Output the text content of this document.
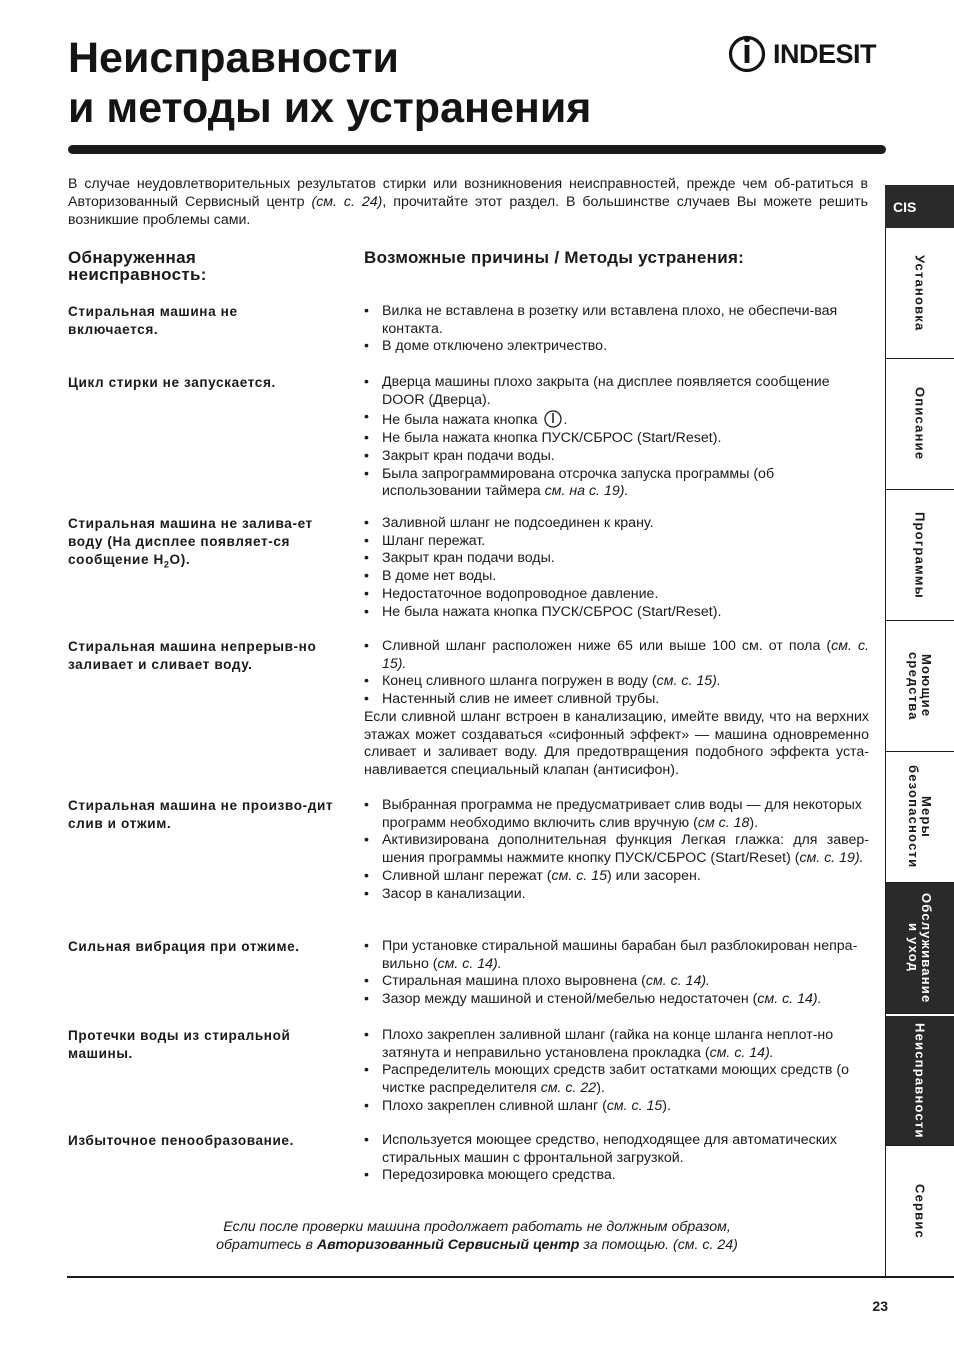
Неисправности
и методы их устранения
INDESIT

В случае неудовлетворительных результатов стирки или возникновения неисправностей, прежде чем об-ратиться в Авторизованный Сервисный центр (см. с. 24), прочитайте этот раздел. В большинстве случаев Вы можете решить возникшие проблемы сами.

Обнаруженная неисправность:
Возможные причины / Методы устранения:

Стиральная машина не включается.

• Вилка не вставлена в розетку или вставлена плохо, не обеспечи-вая контакта.
• В доме отключено электричество.

Цикл стирки не запускается.	• Дверца машины плохо закрыта (на дисплее появляется сообщение DOOR (Дверца).
• Не была нажата кнопка .
• Не была нажата кнопка ПУСК/СБРОС (Start/Reset).
• Закрыт кран подачи воды.
• Была запрограммирована отсрочка запуска программы (об использовании таймера см. на с. 19).

Стиральная машина не залива-ет воду (На дисплее появляет-ся сообщение $H_2O$).

• Заливной шланг не подсоединен к крану.
• Шланг пережат.
• Закрыт кран подачи воды.
• В доме нет воды.
• Недостаточное водопроводное давление.
• Не была нажата кнопка ПУСК/СБРОС (Start/Reset).

Стиральная машина непрерыв-но заливает и сливает воду.

• Сливной шланг расположен ниже 65 или выше 100 см. от пола (см. с. 15).
• Конец сливного шланга погружен в воду (см. с. 15).
• Настенный слив не имеет сливной трубы.

Если сливной шланг встроен в канализацию, имейте ввиду, что на верхних этажах может создаваться «сифонный эффект» — машина одновременно сливает и заливает воду. Для предотвращения подобного эффекта уста-навливается специальный клапан (антисифон).

Стиральная машина не произво-дит слив и отжим.

• Выбранная программа не предусматривает слив воды — для некоторых программ необходимо включить слив вручную (см с. 18).
• Активизирована дополнительная функция Легкая глажка: для завер-шения программы нажмите кнопку ПУСК/СБРОС (Start/Reset) (см. с. 19).
• Сливной шланг пережат (см. с. 15) или засорен.
• Засор в канализации.

Сильная вибрация при отжиме.	• При установке стиральной машины барабан был разблокирован непра-вильно (см. с. 14).
• Стиральная машина плохо выровнена (см. с. 14).
• Зазор между машиной и стеной/мебелью недостаточен (см. с. 14).

Протечки воды из стиральной машины.

• Плохо закреплен заливной шланг (гайка на конце шланга неплот-но затянута и неправильно установлена прокладка (см. с. 14).
• Распределитель моющих средств забит остатками моющих средств (о чистке распределителя см. с. 22).
• Плохо закреплен сливной шланг (см. с. 15).

Избыточное пенообразование.	• Используется моющее средство, неподходящее для автоматических стиральных машин с фронтальной загрузкой.
• Передозировка моющего средства.

Если после проверки машина продолжает работать не должным образом,
обратитесь в Авторизованный Сервисный центр за помощью. (см. с. 24)

23
CIS
Установка
Описание
Программы
Моющие
средства
Меры
безопасности
Обслуживание
и уход
Неисправности
Сервис
